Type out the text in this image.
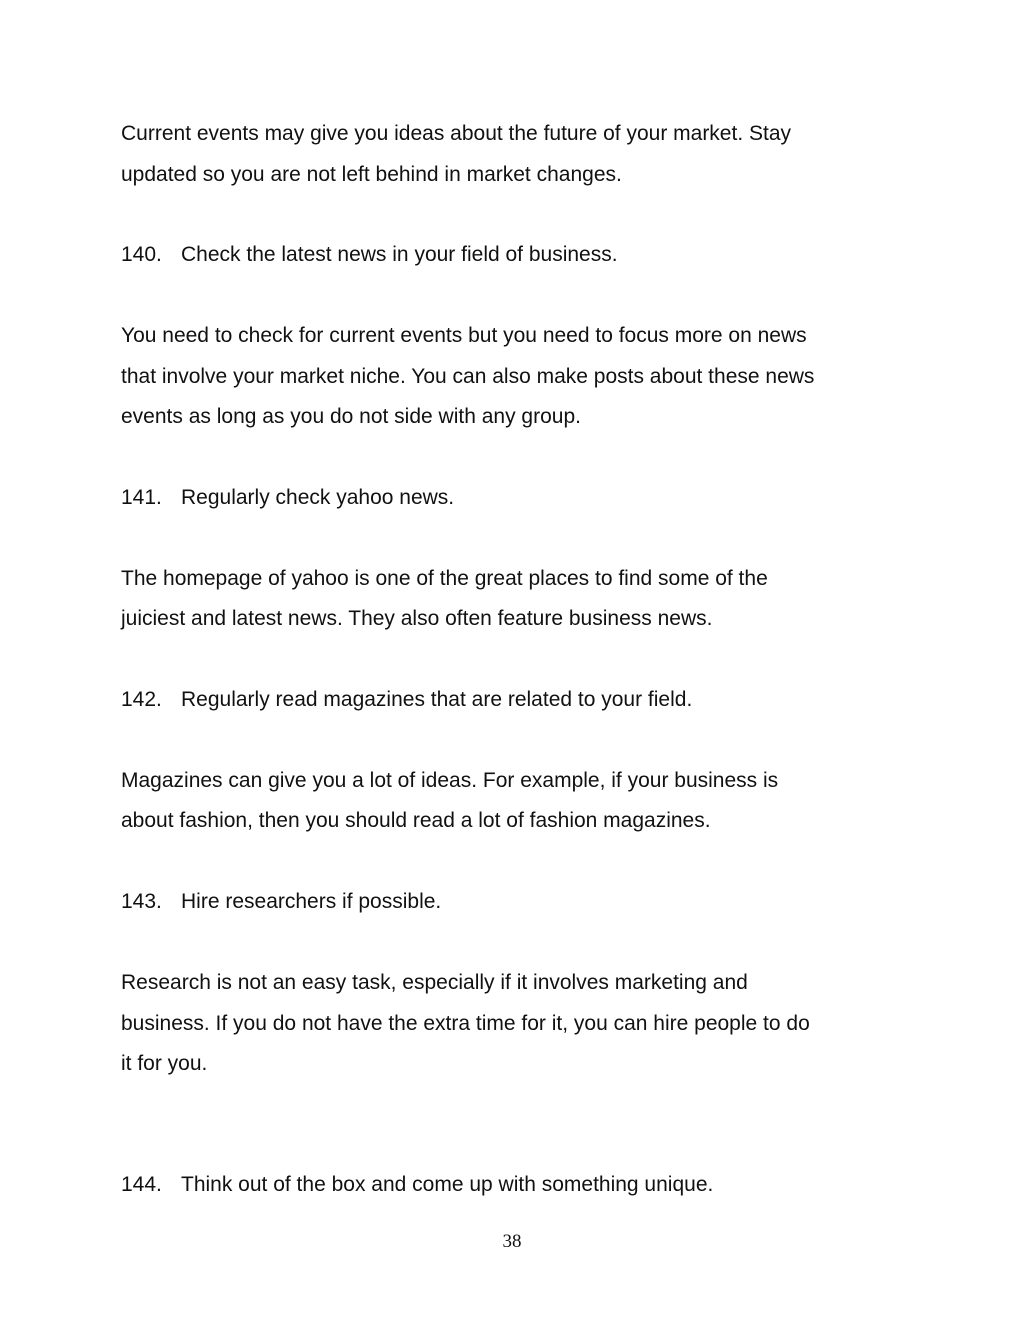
Current events may give you ideas about the future of your market. Stay
updated so you are not left behind in market changes.
140. Check the latest news in your field of business.
You need to check for current events but you need to focus more on news
that involve your market niche. You can also make posts about these news
events as long as you do not side with any group.
141. Regularly check yahoo news.
The homepage of yahoo is one of the great places to find some of the
juiciest and latest news. They also often feature business news.
142. Regularly read magazines that are related to your field.
Magazines can give you a lot of ideas. For example, if your business is
about fashion, then you should read a lot of fashion magazines.
143. Hire researchers if possible.
Research is not an easy task, especially if it involves marketing and
business. If you do not have the extra time for it, you can hire people to do
it for you.
144. Think out of the box and come up with something unique.
38
